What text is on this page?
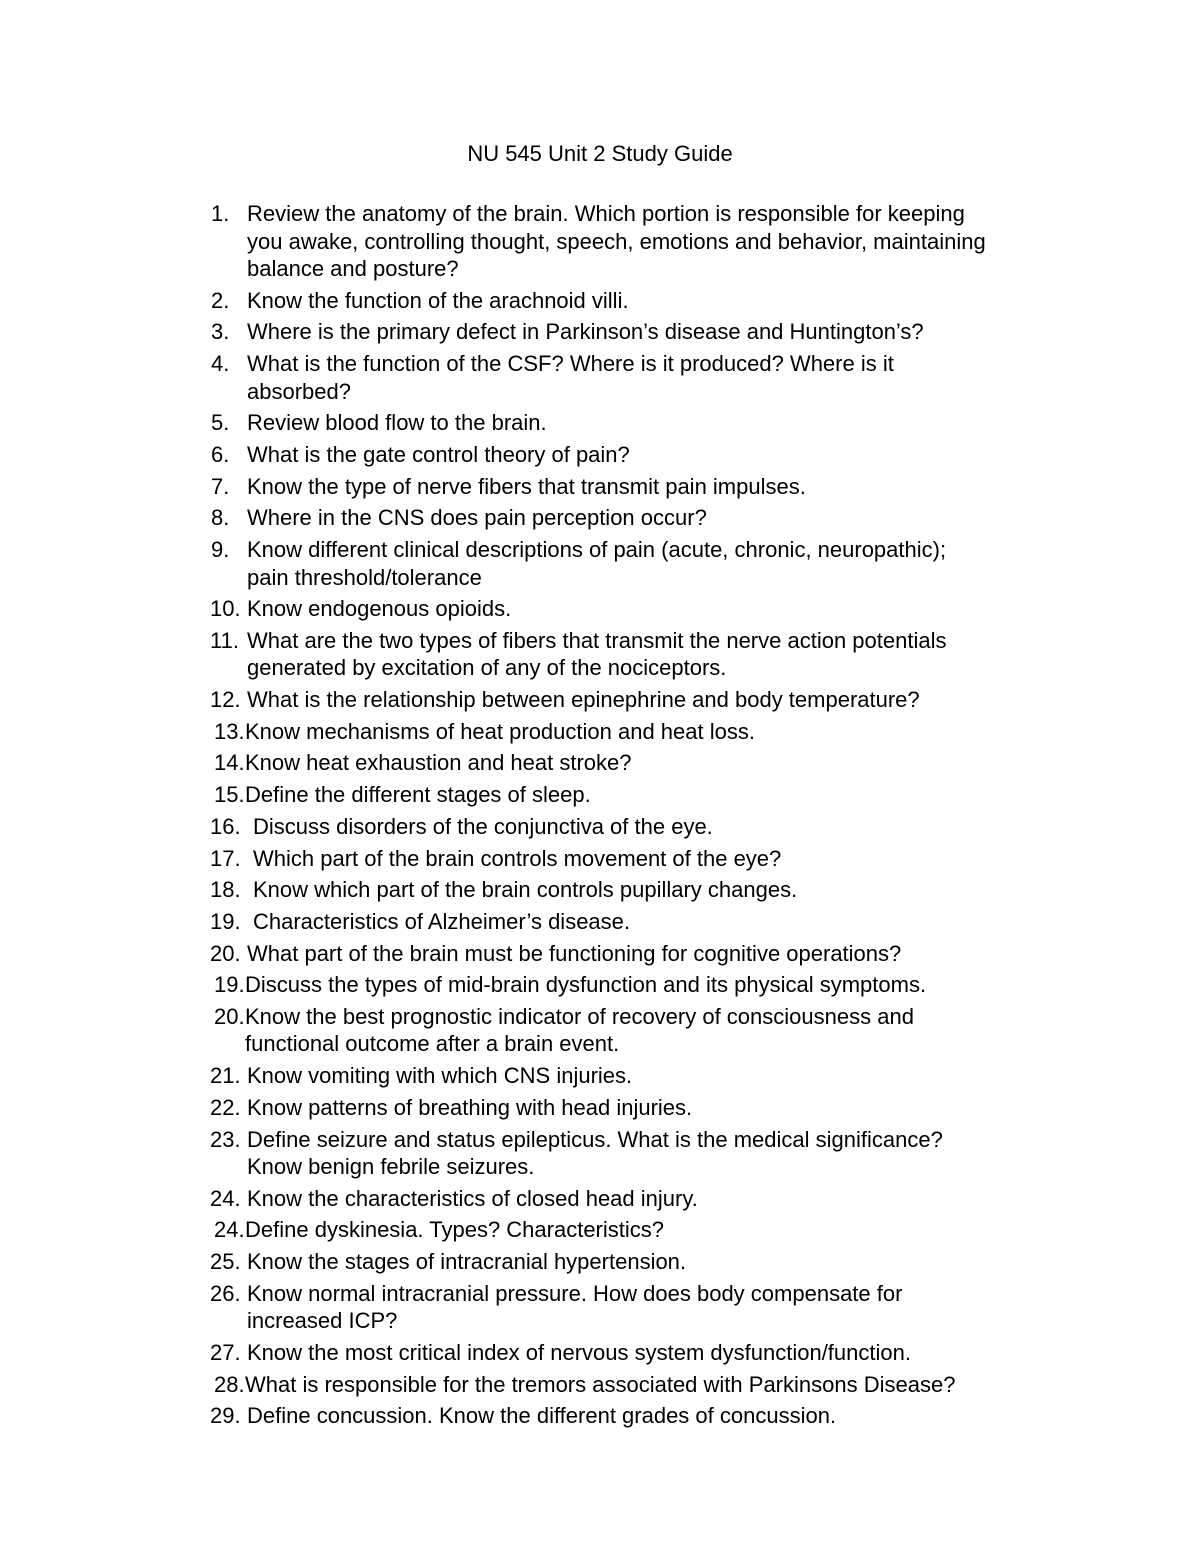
NU 545 Unit 2 Study Guide
1. Review the anatomy of the brain. Which portion is responsible for keeping you awake, controlling thought, speech, emotions and behavior, maintaining balance and posture?
2. Know the function of the arachnoid villi.
3. Where is the primary defect in Parkinson’s disease and Huntington’s?
4. What is the function of the CSF? Where is it produced? Where is it absorbed?
5. Review blood flow to the brain.
6. What is the gate control theory of pain?
7. Know the type of nerve fibers that transmit pain impulses.
8. Where in the CNS does pain perception occur?
9. Know different clinical descriptions of pain (acute, chronic, neuropathic); pain threshold/tolerance
10. Know endogenous opioids.
11. What are the two types of fibers that transmit the nerve action potentials generated by excitation of any of the nociceptors.
12. What is the relationship between epinephrine and body temperature?
13. Know mechanisms of heat production and heat loss.
14. Know heat exhaustion and heat stroke?
15. Define the different stages of sleep.
16. Discuss disorders of the conjunctiva of the eye.
17. Which part of the brain controls movement of the eye?
18. Know which part of the brain controls pupillary changes.
19. Characteristics of Alzheimer’s disease.
20. What part of the brain must be functioning for cognitive operations?
19. Discuss the types of mid-brain dysfunction and its physical symptoms.
20. Know the best prognostic indicator of recovery of consciousness and functional outcome after a brain event.
21. Know vomiting with which CNS injuries.
22. Know patterns of breathing with head injuries.
23. Define seizure and status epilepticus. What is the medical significance? Know benign febrile seizures.
24. Know the characteristics of closed head injury.
24. Define dyskinesia. Types? Characteristics?
25. Know the stages of intracranial hypertension.
26. Know normal intracranial pressure. How does body compensate for increased ICP?
27. Know the most critical index of nervous system dysfunction/function.
28. What is responsible for the tremors associated with Parkinsons Disease?
29. Define concussion. Know the different grades of concussion.
